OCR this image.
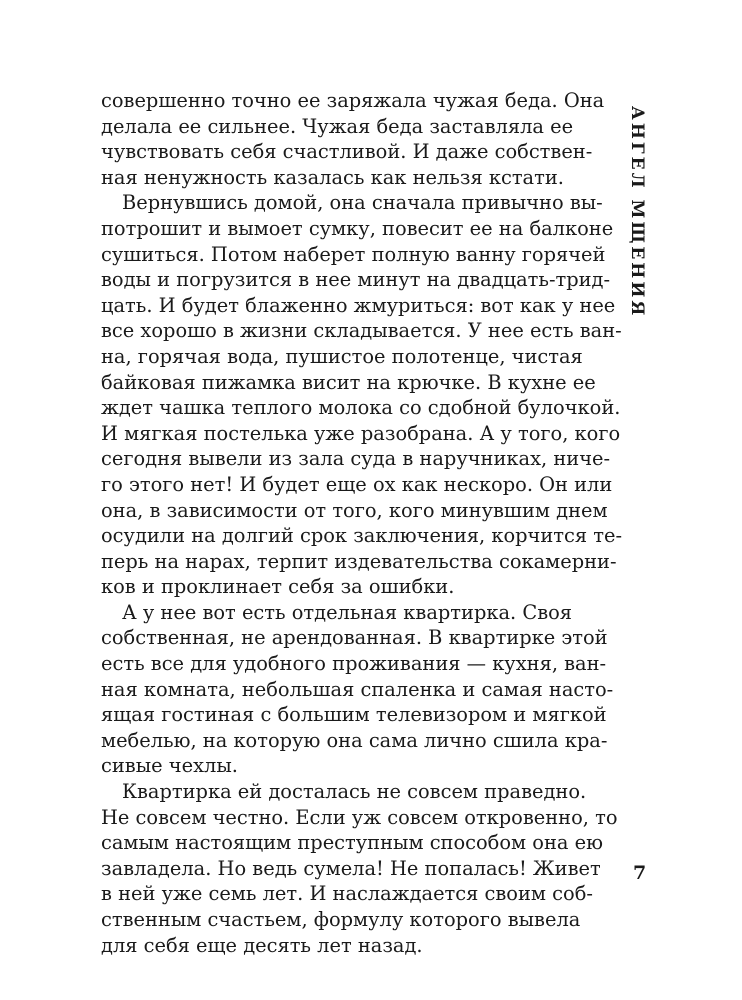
совершенно точно ее заряжала чужая беда. Она
делала ее сильнее. Чужая беда заставляла ее
чувствовать себя счастливой. И даже собствен-
ная ненужность казалась как нельзя кстати.
Вернувшись домой, она сначала привычно вы-
потрошит и вымоет сумку, повесит ее на балконе
сушиться. Потом наберет полную ванну горячей
воды и погрузится в нее минут на двадцать-трид-
цать. И будет блаженно жмуриться: вот как у нее
все хорошо в жизни складывается. У нее есть ван-
на, горячая вода, пушистое полотенце, чистая
байковая пижамка висит на крючке. В кухне ее
ждет чашка теплого молока со сдобной булочкой.
И мягкая постелька уже разобрана. А у того, кого
сегодня вывели из зала суда в наручниках, ниче-
го этого нет! И будет еще ох как нескоро. Он или
она, в зависимости от того, кого минувшим днем
осудили на долгий срок заключения, корчится те-
перь на нарах, терпит издевательства сокамерни-
ков и проклинает себя за ошибки.
А у нее вот есть отдельная квартирка. Своя
собственная, не арендованная. В квартирке этой
есть все для удобного проживания — кухня, ван-
ная комната, небольшая спаленка и самая насто-
ящая гостиная с большим телевизором и мягкой
мебелью, на которую она сама лично сшила кра-
сивые чехлы.
Квартирка ей досталась не совсем праведно.
Не совсем честно. Если уж совсем откровенно, то
самым настоящим преступным способом она ею
завладела. Но ведь сумела! Не попалась! Живет
в ней уже семь лет. И наслаждается своим соб-
ственным счастьем, формулу которого вывела
для себя еще десять лет назад.
АНГЕЛ МЩЕНИЯ
7
